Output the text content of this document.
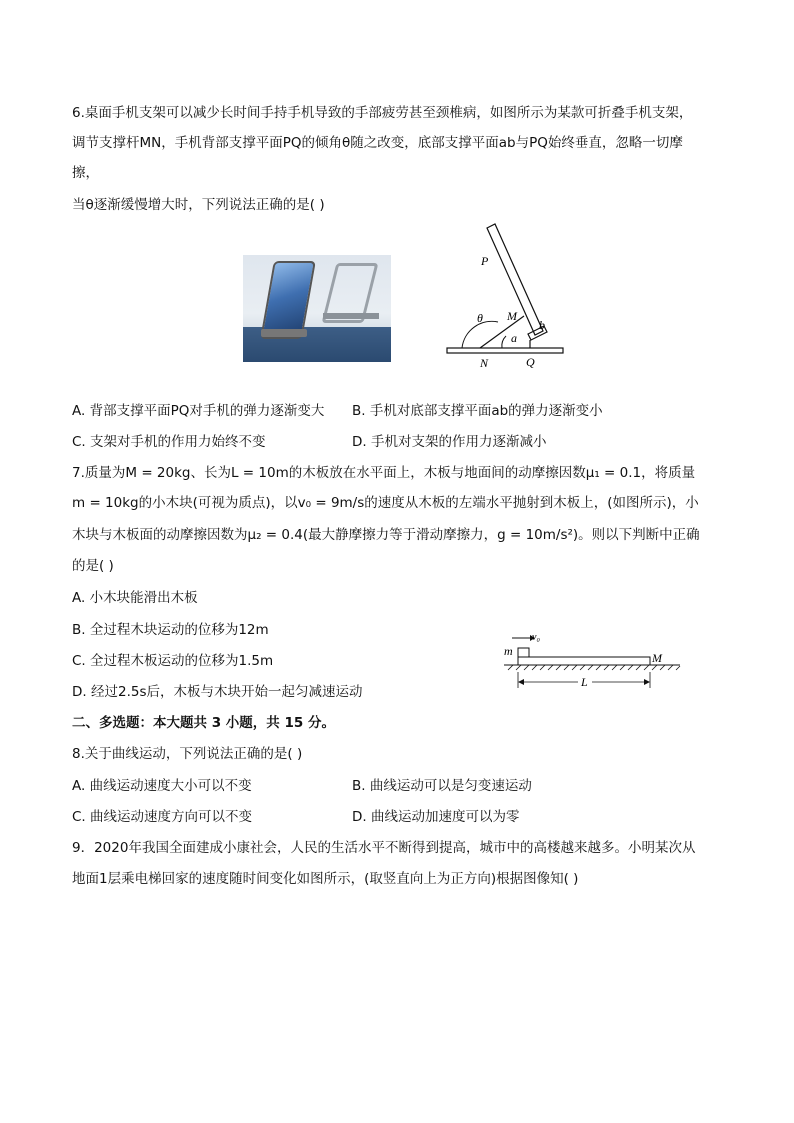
6.桌面手机支架可以减少长时间手持手机导致的手部疲劳甚至颈椎病，如图所示为某款可折叠手机支架，
调节支撑杆MN，手机背部支撑平面PQ的倾角θ随之改变，底部支撑平面ab与PQ始终垂直，忽略一切摩
擦，
当θ逐渐缓慢增大时，下列说法正确的是( )
P
θ M
b
a
N	Q
A. 背部支撑平面PQ对手机的弹力逐渐变大 B. 手机对底部支撑平面ab的弹力逐渐变小
C. 支架对手机的作用力始终不变	D. 手机对支架的作用力逐渐减小
7.质量为M = 20kg、长为L = 10m的木板放在水平面上，木板与地面间的动摩擦因数μ₁ = 0.1，将质量
m = 10kg的小木块(可视为质点)，以v₀ = 9m/s的速度从木板的左端水平抛射到木板上，(如图所示)，小
木块与木板面的动摩擦因数为μ₂ = 0.4(最大静摩擦力等于滑动摩擦力，g = 10m/s²)。则以下判断中正确
的是( )
A. 小木块能滑出木板
B. 全过程木块运动的位移为12m
C. 全过程木板运动的位移为1.5m
D. 经过2.5s后，木板与木块开始一起匀减速运动
m
v₀
M
L
二、多选题：本大题共 3 小题，共 15 分。
8.关于曲线运动，下列说法正确的是( )
A. 曲线运动速度大小可以不变	B. 曲线运动可以是匀变速运动
C. 曲线运动速度方向可以不变	D. 曲线运动加速度可以为零
9．2020年我国全面建成小康社会，人民的生活水平不断得到提高，城市中的高楼越来越多。小明某次从
地面1层乘电梯回家的速度随时间变化如图所示，(取竖直向上为正方向)根据图像知( )
